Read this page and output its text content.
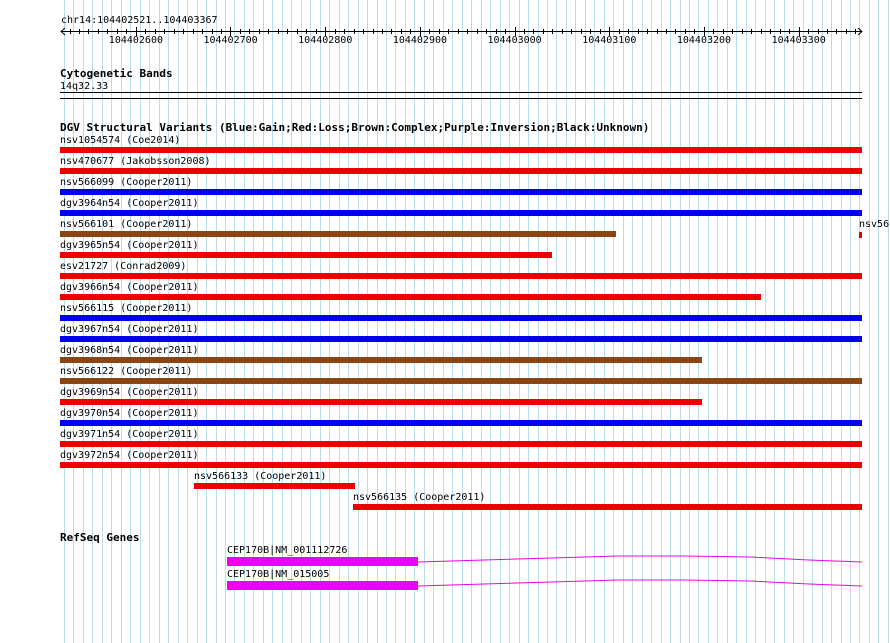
chr14:104402521..104403367
104402600	104402700	104402800	104402900	104403000	104403100	104403200	104403300
Cytogenetic Bands
14q32.33
DGV Structural Variants (Blue:Gain;Red:Loss;Brown:Complex;Purple:Inversion;Black:Unknown)
nsv1054574 (Coe2014)
nsv470677 (Jakobsson2008)
nsv566099 (Cooper2011)
dgv3964n54 (Cooper2011)
nsv566101 (Cooper2011)
dgv3965n54 (Cooper2011)
esv21727 (Conrad2009)
dgv3966n54 (Cooper2011)
nsv566115 (Cooper2011)
dgv3967n54 (Cooper2011)
dgv3968n54 (Cooper2011)
nsv566122 (Cooper2011)
dgv3969n54 (Cooper2011)
dgv3970n54 (Cooper2011)
dgv3971n54 (Cooper2011)
dgv3972n54 (Cooper2011)
nsv566133 (Cooper2011)
nsv566135 (Cooper2011)
nsv56
RefSeq Genes
CEP170B|NM_001112726
CEP170B|NM_015005
